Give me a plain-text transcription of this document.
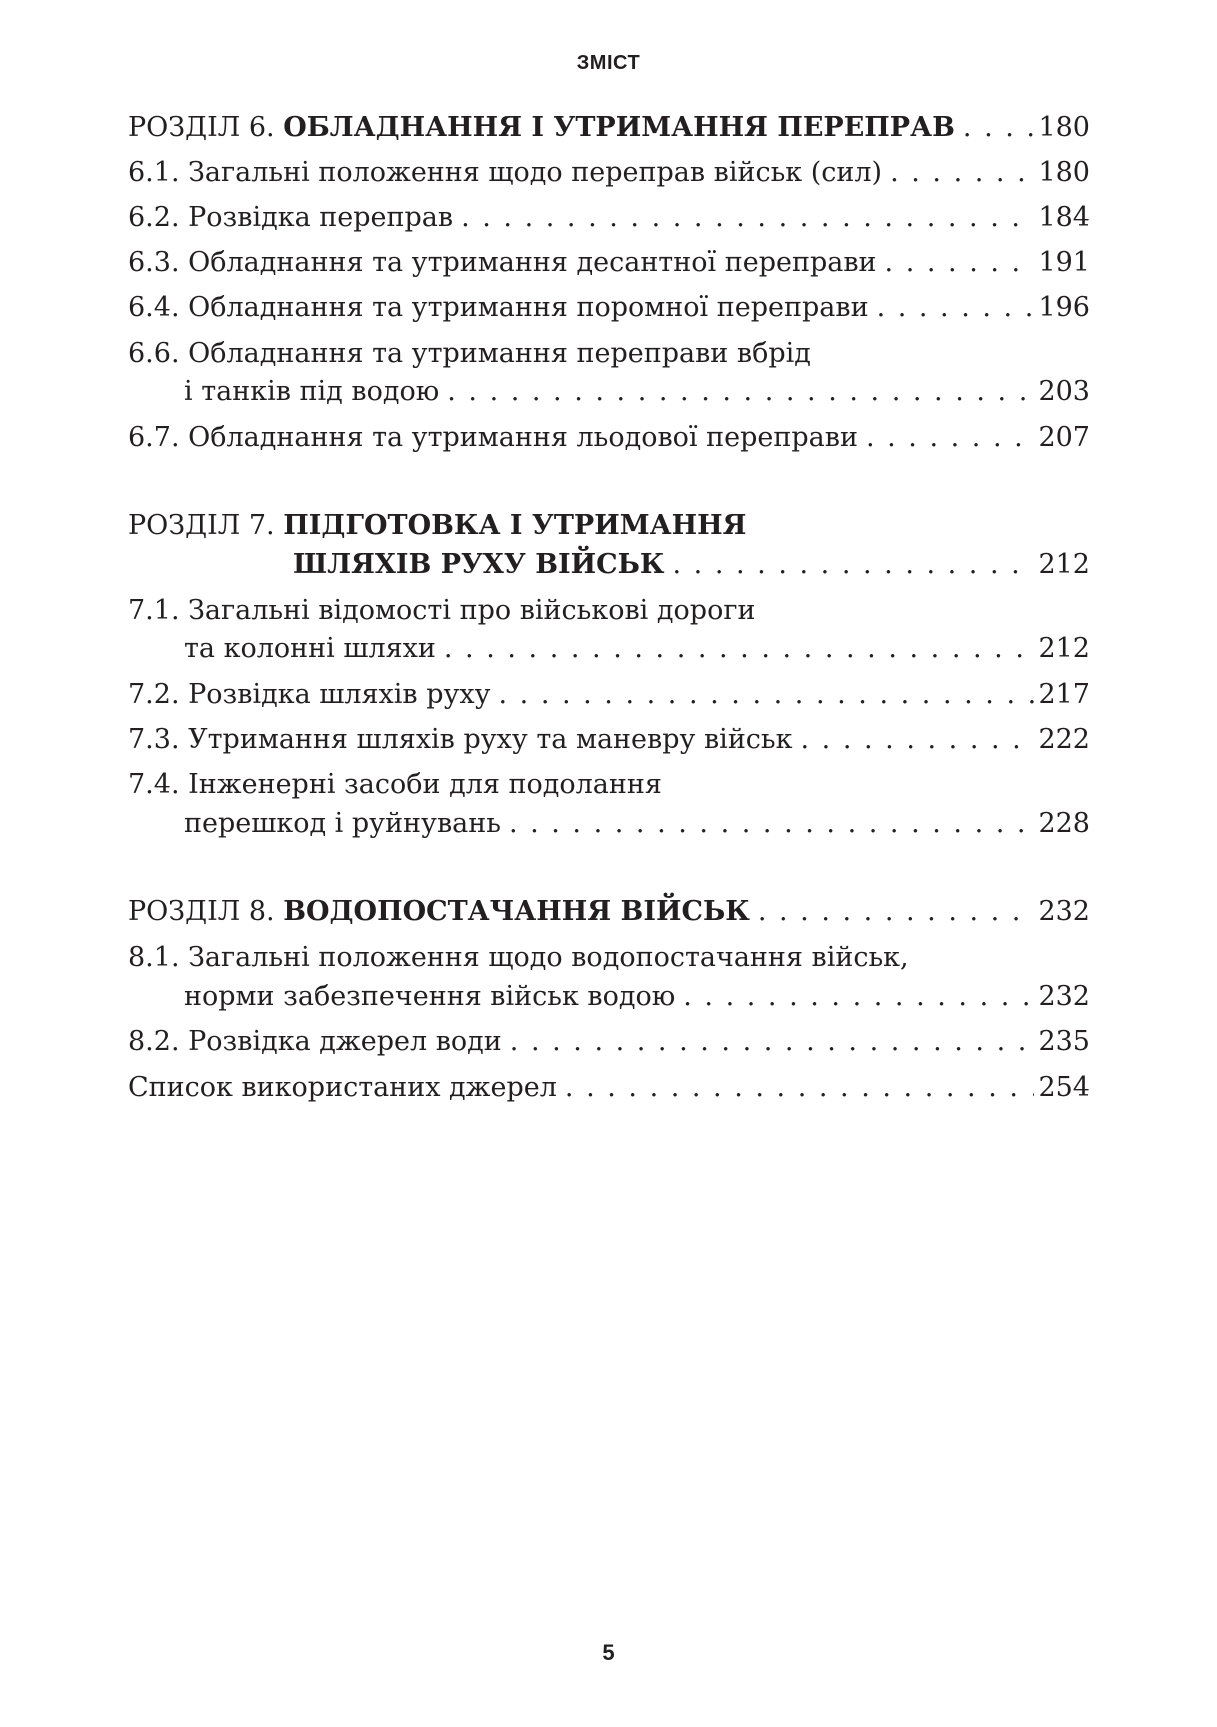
ЗМІСТ
РОЗДІЛ 6. ОБЛАДНАННЯ І УТРИМАННЯ ПЕРЕПРАВ . . .	180
6.1. Загальні положення щодо переправ військ (сил) . . .	180
6.2. Розвідка переправ . . .	184
6.3. Обладнання та утримання десантної переправи . . .	191
6.4. Обладнання та утримання поромної переправи . . .	196
6.6. Обладнання та утримання переправи вбрід
і танків під водою . . .	203
6.7. Обладнання та утримання льодової переправи . . .	207
РОЗДІЛ 7. ПІДГОТОВКА І УТРИМАННЯ
ШЛЯХІВ РУХУ ВІЙСЬК . . .	212
7.1. Загальні відомості про військові дороги
та колонні шляхи . . .	212
7.2. Розвідка шляхів руху . . .	217
7.3. Утримання шляхів руху та маневру військ . . .	222
7.4. Інженерні засоби для подолання
перешкод і руйнувань . . .	228
РОЗДІЛ 8. ВОДОПОСТАЧАННЯ ВІЙСЬК . . .	232
8.1. Загальні положення щодо водопостачання військ,
норми забезпечення військ водою . . .	232
8.2. Розвідка джерел води . . .	235
Список використаних джерел . . .	254
5
